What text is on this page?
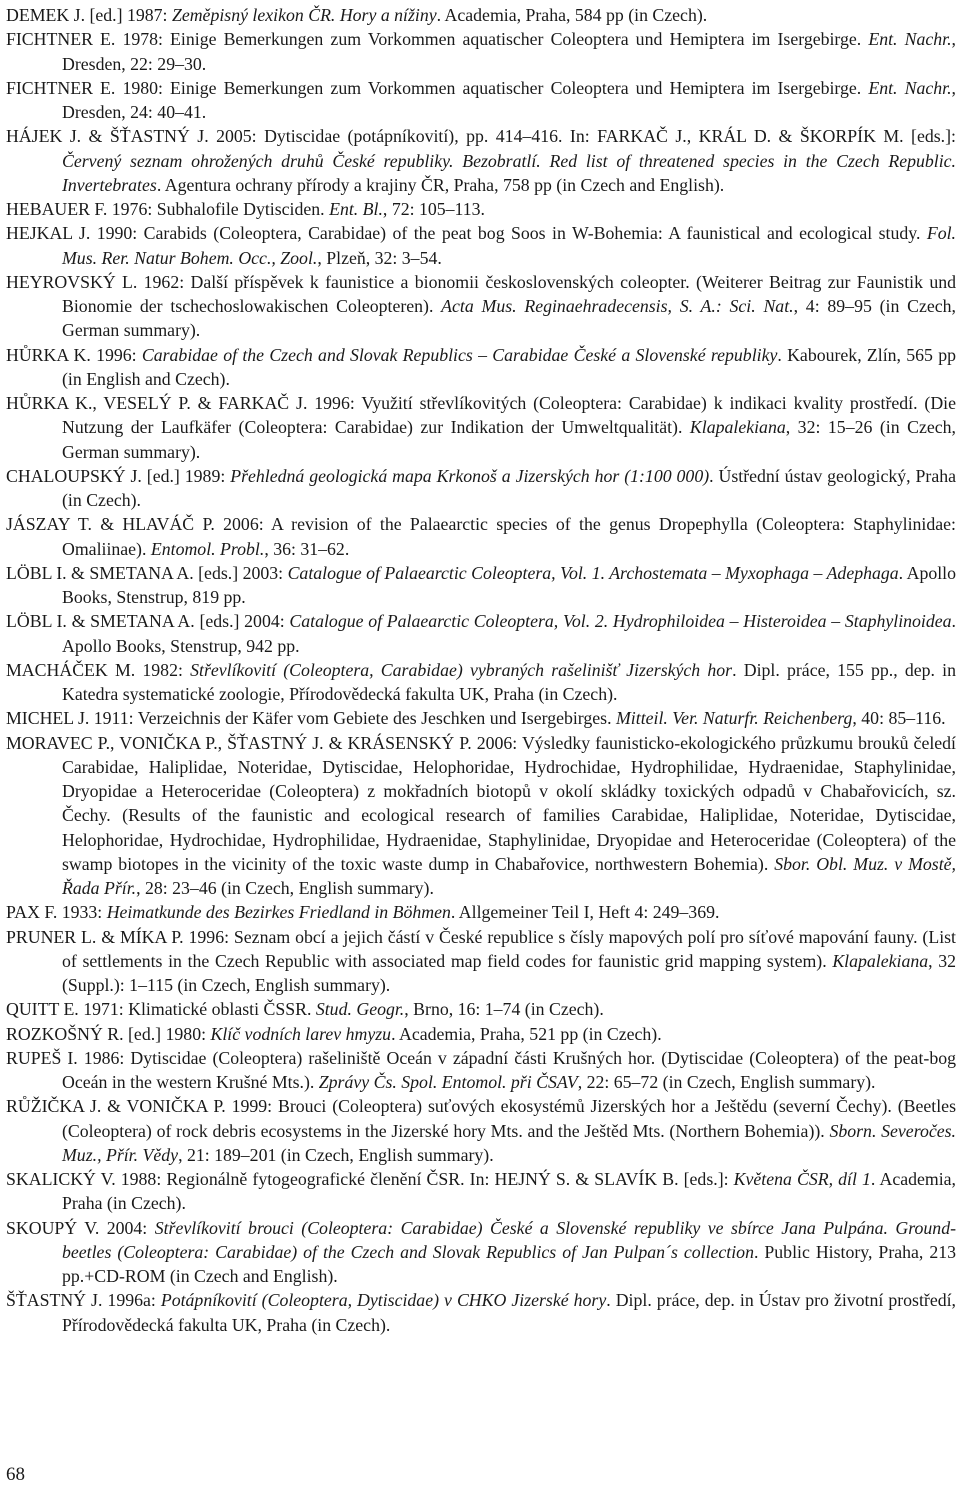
DEMEK J. [ed.] 1987: Zeměpisný lexikon ČR. Hory a nížiny. Academia, Praha, 584 pp (in Czech).

FICHTNER E. 1978: Einige Bemerkungen zum Vorkommen aquatischer Coleoptera und Hemiptera im Isergebirge. Ent. Nachr., Dresden, 22: 29–30.

FICHTNER E. 1980: Einige Bemerkungen zum Vorkommen aquatischer Coleoptera und Hemiptera im Isergebirge. Ent. Nachr., Dresden, 24: 40–41.

HÁJEK J. & ŠŤASTNÝ J. 2005: Dytiscidae (potápníkovití), pp. 414–416. In: FARKAČ J., KRÁL D. & ŠKORPÍK M. [eds.]: Červený seznam ohrožených druhů České republiky. Bezobratlí. Red list of threatened species in the Czech Republic. Invertebrates. Agentura ochrany přírody a krajiny ČR, Praha, 758 pp (in Czech and English).

HEBAUER F. 1976: Subhalofile Dytisciden. Ent. Bl., 72: 105–113.

HEJKAL J. 1990: Carabids (Coleoptera, Carabidae) of the peat bog Soos in W-Bohemia: A faunistical and ecological study. Fol. Mus. Rer. Natur Bohem. Occ., Zool., Plzeň, 32: 3–54.

HEYROVSKÝ L. 1962: Další příspěvek k faunistice a bionomii československých coleopter. (Weiterer Beitrag zur Faunistik und Bionomie der tschechoslowakischen Coleopteren). Acta Mus. Reginaehradecensis, S. A.: Sci. Nat., 4: 89–95 (in Czech, German summary).

HŮRKA K. 1996: Carabidae of the Czech and Slovak Republics – Carabidae České a Slovenské republiky. Kabourek, Zlín, 565 pp (in English and Czech).

HŮRKA K., VESELÝ P. & FARKAČ J. 1996: Využití střevlíkovitých (Coleoptera: Carabidae) k indikaci kvality prostředí. (Die Nutzung der Laufkäfer (Coleoptera: Carabidae) zur Indikation der Umweltqualität). Klapalekiana, 32: 15–26 (in Czech, German summary).

CHALOUPSKÝ J. [ed.] 1989: Přehledná geologická mapa Krkonoš a Jizerských hor (1:100 000). Ústřední ústav geologický, Praha (in Czech).

JÁSZAY T. & HLAVÁČ P. 2006: A revision of the Palaearctic species of the genus Dropephylla (Coleoptera: Staphylinidae: Omaliinae). Entomol. Probl., 36: 31–62.

LÖBL I. & SMETANA A. [eds.] 2003: Catalogue of Palaearctic Coleoptera, Vol. 1. Archostemata – Myxophaga – Adephaga. Apollo Books, Stenstrup, 819 pp.

LÖBL I. & SMETANA A. [eds.] 2004: Catalogue of Palaearctic Coleoptera, Vol. 2. Hydrophiloidea – Histeroidea – Staphylinoidea. Apollo Books, Stenstrup, 942 pp.

MACHÁČEK M. 1982: Střevlíkovití (Coleoptera, Carabidae) vybraných rašelinišť Jizerských hor. Dipl. práce, 155 pp., dep. in Katedra systematické zoologie, Přírodovědecká fakulta UK, Praha (in Czech).

MICHEL J. 1911: Verzeichnis der Käfer vom Gebiete des Jeschken und Isergebirges. Mitteil. Ver. Naturfr. Reichenberg, 40: 85–116.

MORAVEC P., VONIČKA P., ŠŤASTNÝ J. & KRÁSENSKÝ P. 2006: Výsledky faunisticko-ekologického průzkumu brouků čeledí Carabidae, Haliplidae, Noteridae, Dytiscidae, Helophoridae, Hydrochidae, Hydrophilidae, Hydraenidae, Staphylinidae, Dryopidae a Heteroceridae (Coleoptera) z mokřadních biotopů v okolí skládky toxických odpadů v Chabařovicích, sz. Čechy. (Results of the faunistic and ecological research of families Carabidae, Haliplidae, Noteridae, Dytiscidae, Helophoridae, Hydrochidae, Hydrophilidae, Hydraenidae, Staphylinidae, Dryopidae and Heteroceridae (Coleoptera) of the swamp biotopes in the vicinity of the toxic waste dump in Chabařovice, northwestern Bohemia). Sbor. Obl. Muz. v Mostě, Řada Přír., 28: 23–46 (in Czech, English summary).

PAX F. 1933: Heimatkunde des Bezirkes Friedland in Böhmen. Allgemeiner Teil I, Heft 4: 249–369.

PRUNER L. & MÍKA P. 1996: Seznam obcí a jejich částí v České republice s čísly mapových polí pro síťové mapování fauny. (List of settlements in the Czech Republic with associated map field codes for faunistic grid mapping system). Klapalekiana, 32 (Suppl.): 1–115 (in Czech, English summary).

QUITT E. 1971: Klimatické oblasti ČSSR. Stud. Geogr., Brno, 16: 1–74 (in Czech).

ROZKOŠNÝ R. [ed.] 1980: Klíč vodních larev hmyzu. Academia, Praha, 521 pp (in Czech).

RUPEŠ I. 1986: Dytiscidae (Coleoptera) rašeliniště Oceán v západní části Krušných hor. (Dytiscidae (Coleoptera) of the peat-bog Oceán in the western Krušné Mts.). Zprávy Čs. Spol. Entomol. při ČSAV, 22: 65–72 (in Czech, English summary).

RŮŽIČKA J. & VONIČKA P. 1999: Brouci (Coleoptera) suťových ekosystémů Jizerských hor a Ještědu (severní Čechy). (Beetles (Coleoptera) of rock debris ecosystems in the Jizerské hory Mts. and the Ještěd Mts. (Northern Bohemia)). Sborn. Severočes. Muz., Přír. Vědy, 21: 189–201 (in Czech, English summary).

SKALICKÝ V. 1988: Regionálně fytogeografické členění ČSR. In: HEJNÝ S. & SLAVÍK B. [eds.]: Květena ČSR, díl 1. Academia, Praha (in Czech).

SKOUPÝ V. 2004: Střevlíkovití brouci (Coleoptera: Carabidae) České a Slovenské republiky ve sbírce Jana Pulpána. Ground-beetles (Coleoptera: Carabidae) of the Czech and Slovak Republics of Jan Pulpan´s collection. Public History, Praha, 213 pp.+CD-ROM (in Czech and English).

ŠŤASTNÝ J. 1996a: Potápníkovití (Coleoptera, Dytiscidae) v CHKO Jizerské hory. Dipl. práce, dep. in Ústav pro životní prostředí, Přírodovědecká fakulta UK, Praha (in Czech).

68
